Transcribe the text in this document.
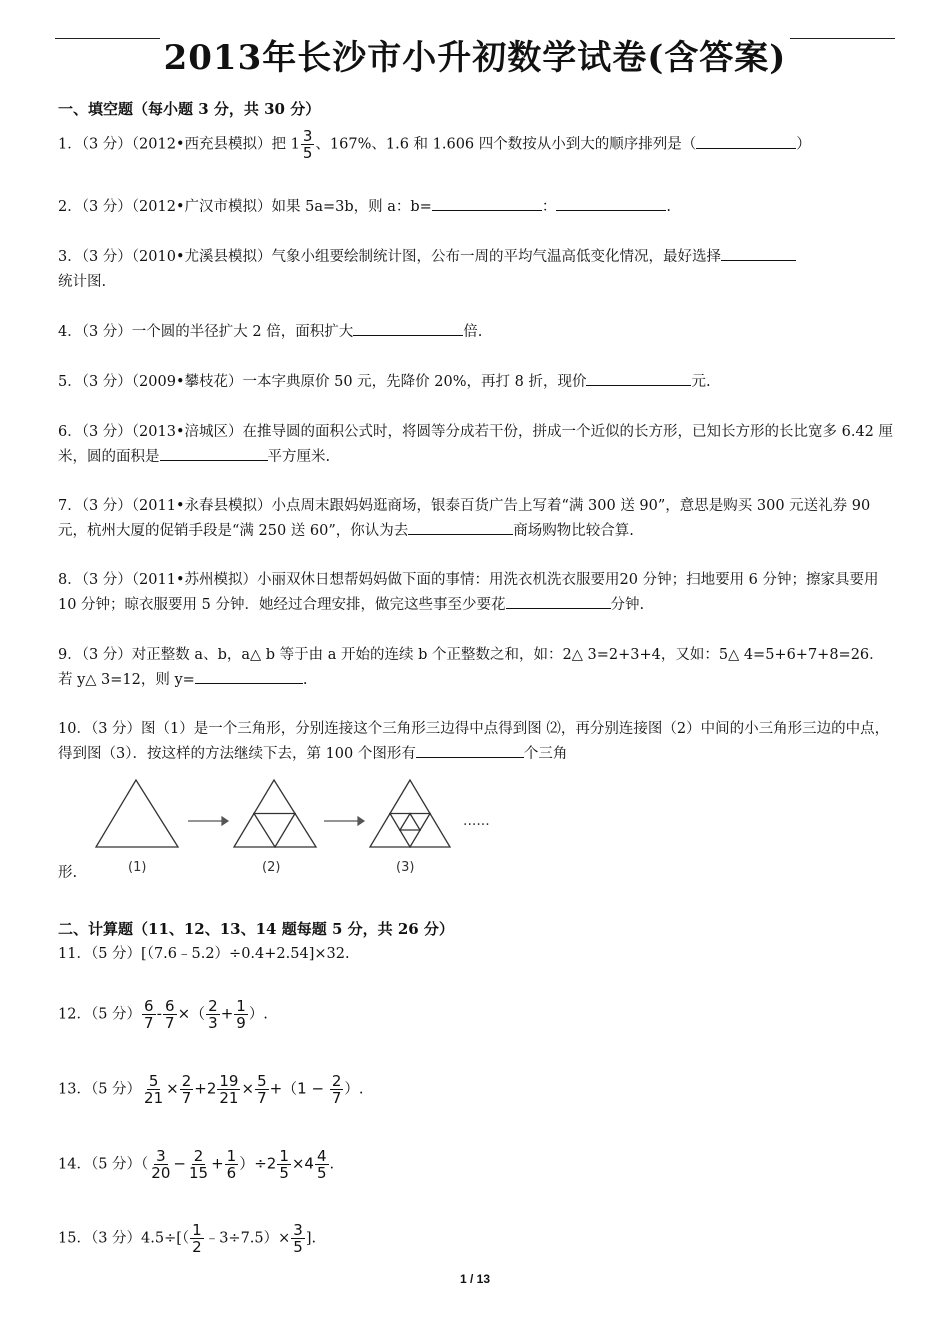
2013年长沙市小升初数学试卷(含答案)
一、填空题（每小题 3 分，共 30 分）
1．（3 分）（2012•西充县模拟）把 $1 \frac{3}{5}$ 、167%、1.6 和 1.606 四个数按从小到大的顺序排列是（	）
2．（3 分）（2012•广汉市模拟）如果 5a=3b，则 a：b=	：	.
3．（3 分）（2010•尤溪县模拟）气象小组要绘制统计图，公布一周的平均气温高低变化情况，最好选择
统计图.
4．（3 分）一个圆的半径扩大 2 倍，面积扩大	倍.
5．（3 分）（2009•攀枝花）一本字典原价 50 元，先降价 20%，再打 8 折，现价	元.
6．（3 分）（2013•涪城区）在推导圆的面积公式时，将圆等分成若干份，拼成一个近似的长方形，已知长方形的长比宽多 6.42 厘米，圆的面积是	平方厘米.
7．（3 分）（2011•永春县模拟）小点周末跟妈妈逛商场，银泰百货广告上写着“满 300 送 90”，意思是购买 300 元送礼券 90 元，杭州大厦的促销手段是“满 250 送 60”，你认为去	商场购物比较合算.
8．（3 分）（2011•苏州模拟）小丽双休日想帮妈妈做下面的事情：用洗衣机洗衣服要用20 分钟；扫地要用 6 分钟；擦家具要用 10 分钟；晾衣服要用 5 分钟．她经过合理安排，做完这些事至少要花	分钟.
9．（3 分）对正整数 a、b，a△ b 等于由 a 开始的连续 b 个正整数之和，如：2△ 3=2+3+4，又如：5△ 4=5+6+7+8=26．若 y△ 3=12，则 y=	.
10．（3 分）图（1）是一个三角形，分别连接这个三角形三边得中点得到图 ⑵，再分别连接图（2）中间的小三角形三边的中点，得到图（3）．按这样的方法继续下去，第 100 个图形有	个三角
......
(1)	(2)	(3)
形.
二、计算题（11、12、13、14 题每题 5 分，共 26 分）
11．（5 分）[（7.6﹣5.2）÷0.4+2.54]×32.
12．（5 分） $\frac{6}{7} - \frac{6}{7}$ ×（ $\frac{2}{3} + \frac{1}{9}$ ）.
13．（5 分） $\frac{5}{21} \times \frac{2}{7} +2 \frac{19}{21} \times \frac{5}{7} +(1 - \frac{2}{7}$ ）.
14．（5 分）（ $\frac{3}{20} - \frac{2}{15} + \frac{1}{6} )\div 2 \frac{1}{5} \times 4 \frac{4}{5}$ .
15．（3 分）$4.5\div[( \frac{1}{2}$ ﹣3÷7.5）× $\frac{3}{5}$ ].
1 / 13
